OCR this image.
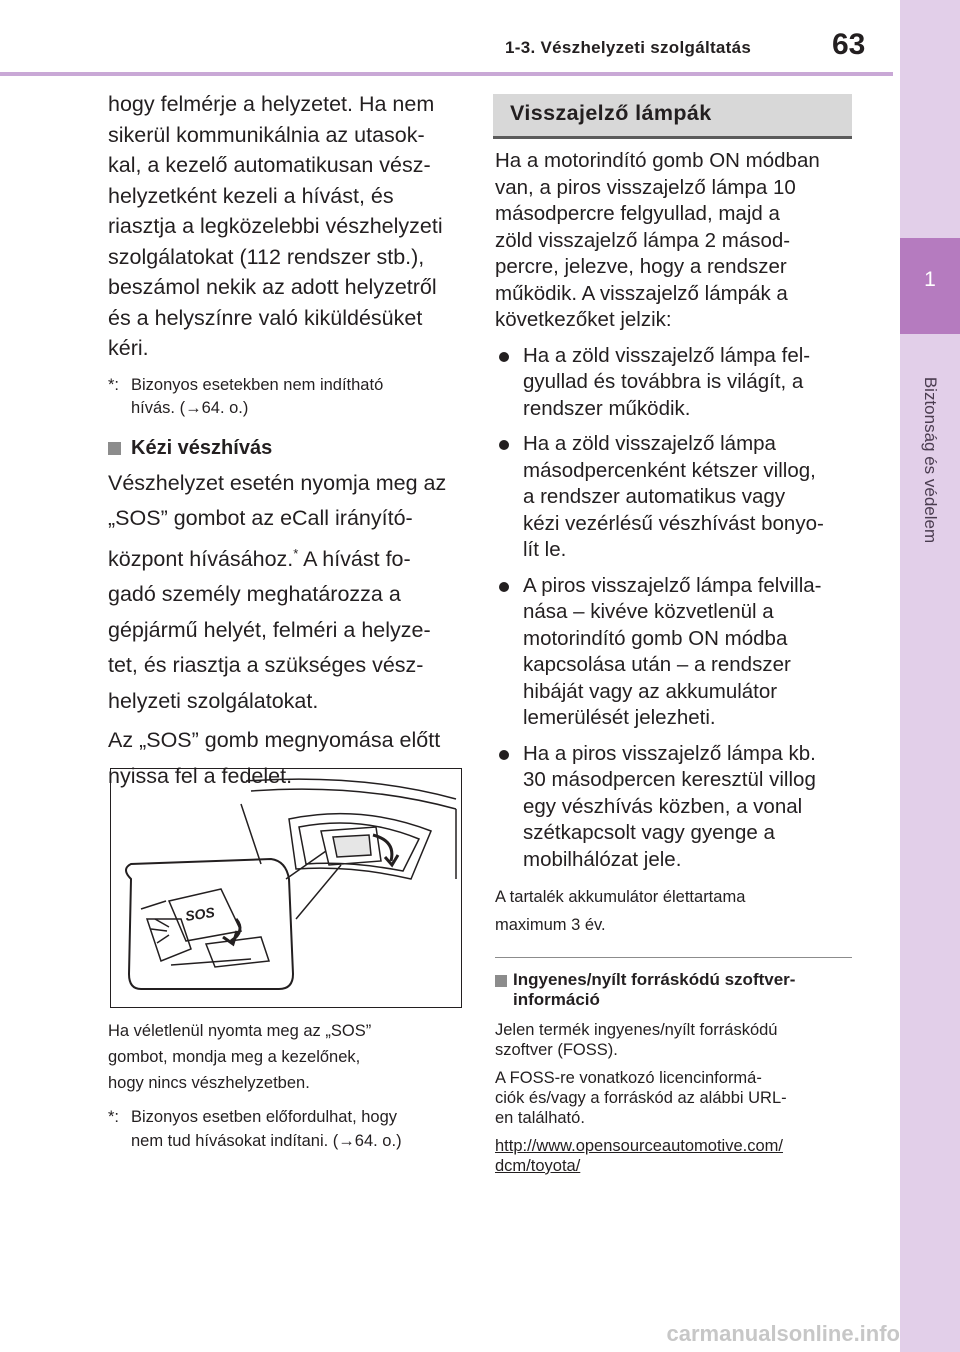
1-3. Vészhelyzeti szolgáltatás	63
1
Biztonság és védelem

hogy felmérje a helyzetet. Ha nem

sikerül kommunikálnia az utasok-

kal, a kezelő automatikusan vész-

helyzetként kezeli a hívást, és

riasztja a legközelebbi vészhelyzeti

szolgálatokat (112 rendszer stb.),

beszámol nekik az adott helyzetről

és a helyszínre való kiküldésüket

kéri.

*: Bizonyos esetekben nem indítható
hívás. (→64. o.)
Kézi vészhívás

Vészhelyzet esetén nyomja meg az

„SOS” gombot az eCall irányító-

központ hívásához.* A hívást fo-

gadó személy meghatározza a

gépjármű helyét, felméri a helyze-

tet, és riasztja a szükséges vész-

helyzeti szolgálatokat.

Az „SOS” gomb megnyomása előtt

nyissa fel a fedelet.

SOS
Ha véletlenül nyomta meg az „SOS”
gombot, mondja meg a kezelőnek,
hogy nincs vészhelyzetben.
*: Bizonyos esetben előfordulhat, hogy
nem tud hívásokat indítani. (→64. o.)
Visszajelző lámpák

Ha a motorindító gomb ON módban

van, a piros visszajelző lámpa 10

másodpercre felgyullad, majd a

zöld visszajelző lámpa 2 másod-

percre, jelezve, hogy a rendszer

működik. A visszajelző lámpák a

következőket jelzik:

Ha a zöld visszajelző lámpa fel-
gyullad és továbbra is világít, a
rendszer működik.
Ha a zöld visszajelző lámpa
másodpercenként kétszer villog,
a rendszer automatikus vagy
kézi vezérlésű vészhívást bonyo-
lít le.
A piros visszajelző lámpa felvilla-
nása – kivéve közvetlenül a
motorindító gomb ON módba
kapcsolása után – a rendszer
hibáját vagy az akkumulátor
lemerülését jelezheti.
Ha a piros visszajelző lámpa kb.
30 másodpercen keresztül villog
egy vészhívás közben, a vonal
szétkapcsolt vagy gyenge a
mobilhálózat jele.

A tartalék akkumulátor élettartama

maximum 3 év.

Ingyenes/nyílt forráskódú szoftver-
információ

Jelen termék ingyenes/nyílt forráskódú

szoftver (FOSS).

A FOSS-re vonatkozó licencinformá-

ciók és/vagy a forráskód az alábbi URL-

en található.

http://www.opensourceautomotive.com/
dcm/toyota/
carmanualsonline.info
